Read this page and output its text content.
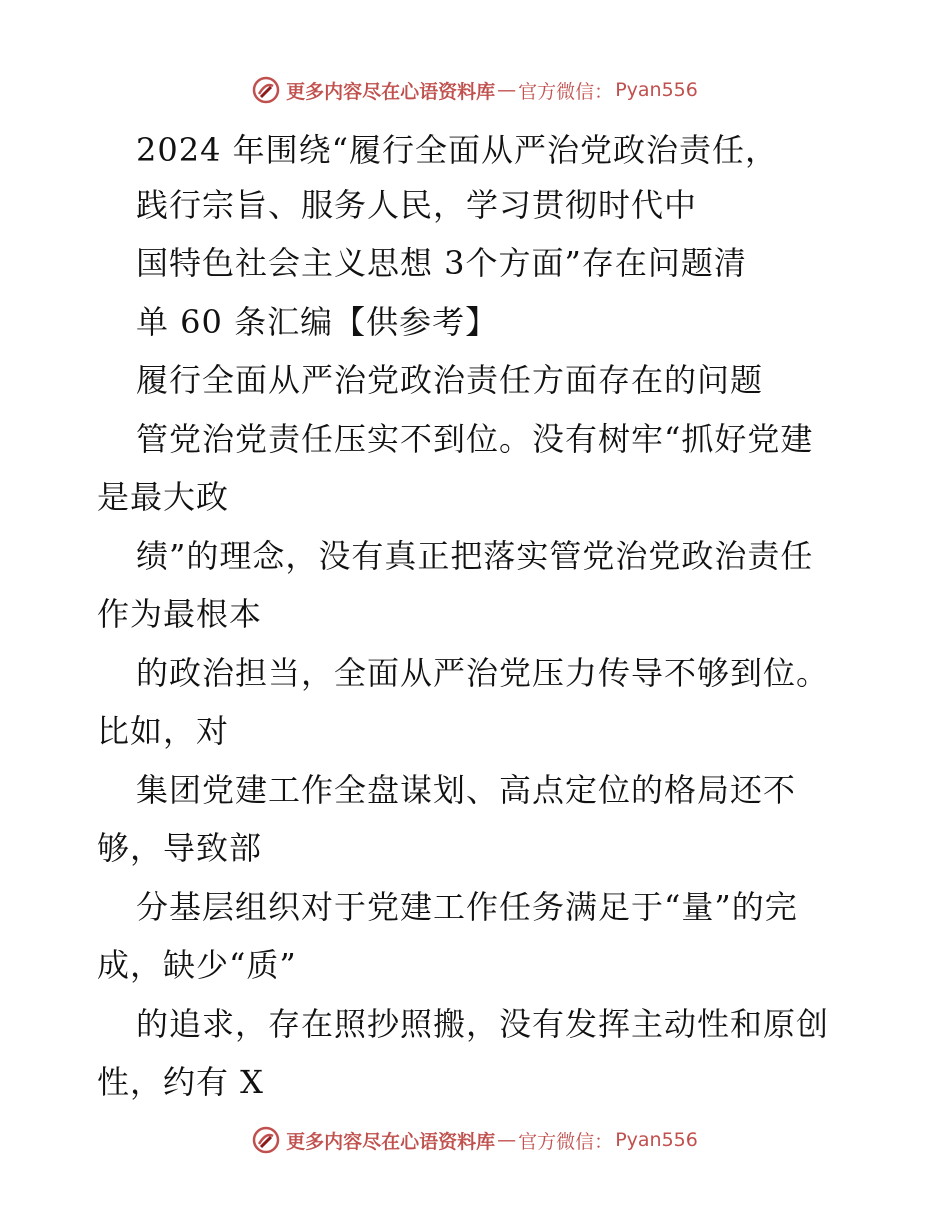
更多内容尽在心语资料库 — 官方微信： Pyan556
2024 年围绕“履行全面从严治党政治责任，
践行宗旨、服务人民，学习贯彻时代中
国特色社会主义思想 3个方面”存在问题清
单 60 条汇编【供参考】
履行全面从严治党政治责任方面存在的问题
管党治党责任压实不到位。没有树牢“抓好党建
是最大政
绩”的理念，没有真正把落实管党治党政治责任
作为最根本
的政治担当，全面从严治党压力传导不够到位。
比如，对
集团党建工作全盘谋划、高点定位的格局还不
够，导致部
分基层组织对于党建工作任务满足于“量”的完
成，缺少“质”
的追求，存在照抄照搬，没有发挥主动性和原创
性，约有 X
更多内容尽在心语资料库 — 官方微信： Pyan556
